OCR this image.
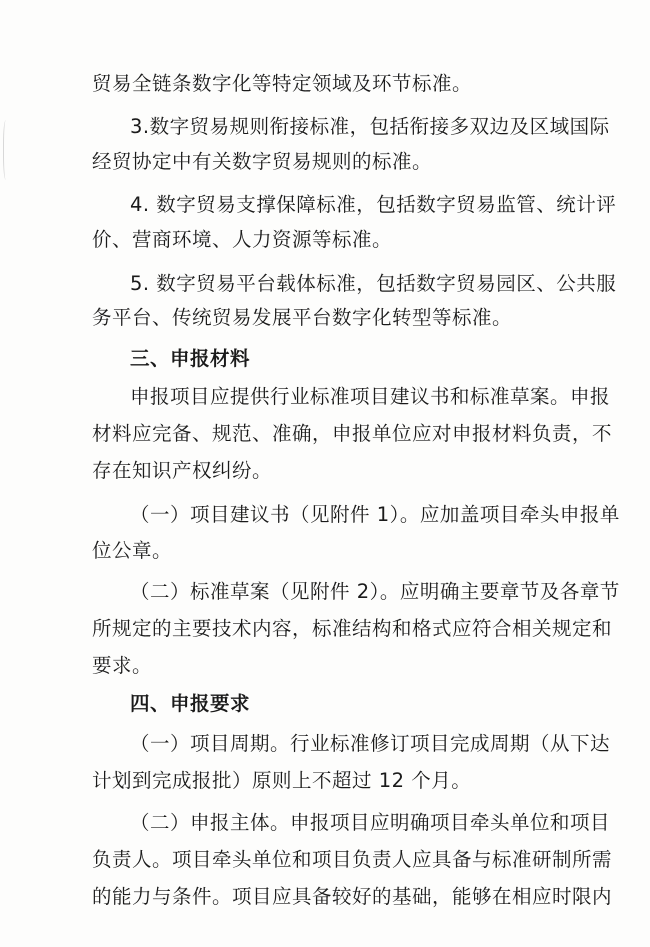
贸易全链条数字化等特定领域及环节标准。
3.数字贸易规则衔接标准，包括衔接多双边及区域国际
经贸协定中有关数字贸易规则的标准。
4. 数字贸易支撑保障标准，包括数字贸易监管、统计评
价、营商环境、人力资源等标准。
5. 数字贸易平台载体标准，包括数字贸易园区、公共服
务平台、传统贸易发展平台数字化转型等标准。
三、申报材料
申报项目应提供行业标准项目建议书和标准草案。申报
材料应完备、规范、准确，申报单位应对申报材料负责，不
存在知识产权纠纷。
（一）项目建议书（见附件 1）。应加盖项目牵头申报单
位公章。
（二）标准草案（见附件 2）。应明确主要章节及各章节
所规定的主要技术内容，标准结构和格式应符合相关规定和
要求。
四、申报要求
（一）项目周期。行业标准修订项目完成周期（从下达
计划到完成报批）原则上不超过 12 个月。
（二）申报主体。申报项目应明确项目牵头单位和项目
负责人。项目牵头单位和项目负责人应具备与标准研制所需
的能力与条件。项目应具备较好的基础，能够在相应时限内
